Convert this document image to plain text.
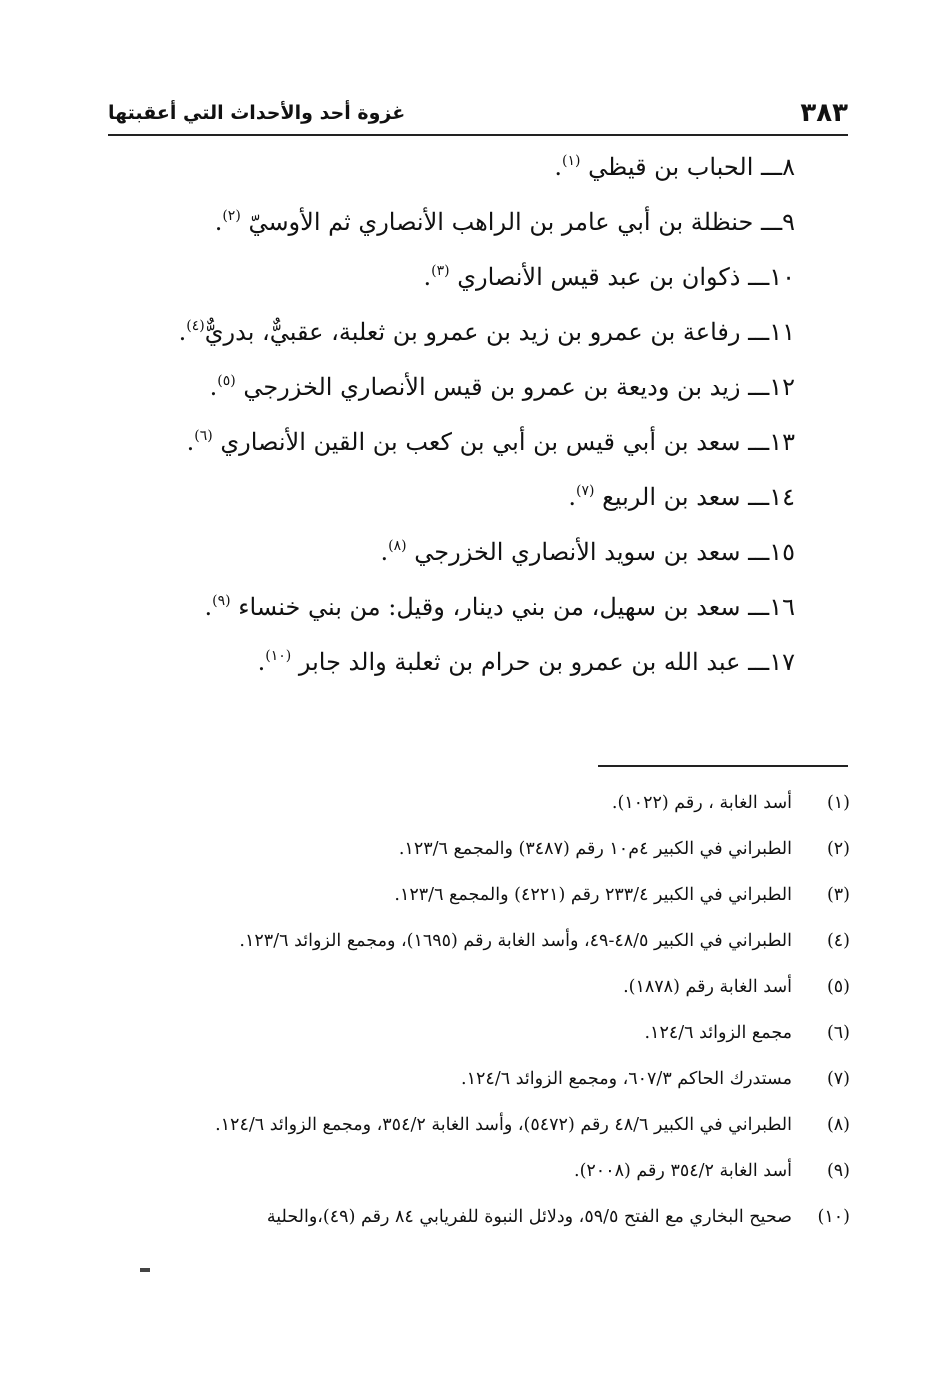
٣٨٣
غزوة أحد والأحداث التي أعقبتها
٨ـــ الحباب بن قيظي $^{(١)}$.
٩ـــ حنظلة بن أبي عامر بن الراهب الأنصاري ثم الأوسيّ $^{(٢)}$.
١٠ـــ ذكوان بن عبد قيس الأنصاري $^{(٣)}$.
١١ـــ رفاعة بن عمرو بن زيد بن عمرو بن ثعلبة، عقبيٌّ، بدريٌّ$^{(٤)}$.
١٢ـــ زيد بن وديعة بن عمرو بن قيس الأنصاري الخزرجي $^{(٥)}$.
١٣ـــ سعد بن أبي قيس بن أبي بن كعب بن القين الأنصاري $^{(٦)}$.
١٤ـــ سعد بن الربيع $^{(٧)}$.
١٥ـــ سعد بن سويد الأنصاري الخزرجي $^{(٨)}$.
١٦ـــ سعد بن سهيل، من بني دينار، وقيل: من بني خنساء $^{(٩)}$.
١٧ـــ عبد الله بن عمرو بن حرام بن ثعلبة والد جابر $^{(١٠)}$.
(١)أسد الغابة ، رقم (١٠٢٢).
(٢)الطبراني في الكبير ٤م١٠ رقم (٣٤٨٧) والمجمع ١٢٣/٦.
(٣)الطبراني في الكبير ٢٣٣/٤ رقم (٤٢٢١) والمجمع ١٢٣/٦.
(٤)الطبراني في الكبير ٤٨/٥-٤٩، وأسد الغابة رقم (١٦٩٥)، ومجمع الزوائد ١٢٣/٦.
(٥)أسد الغابة رقم (١٨٧٨).
(٦)مجمع الزوائد ١٢٤/٦.
(٧)مستدرك الحاكم ٦٠٧/٣، ومجمع الزوائد ١٢٤/٦.
(٨)الطبراني في الكبير ٤٨/٦ رقم (٥٤٧٢)، وأسد الغابة ٣٥٤/٢، ومجمع الزوائد ١٢٤/٦.
(٩)أسد الغابة ٣٥٤/٢ رقم (٢٠٠٨).
(١٠)صحيح البخاري مع الفتح ٥٩/٥، ودلائل النبوة للفريابي ٨٤ رقم (٤٩)،والحلية
